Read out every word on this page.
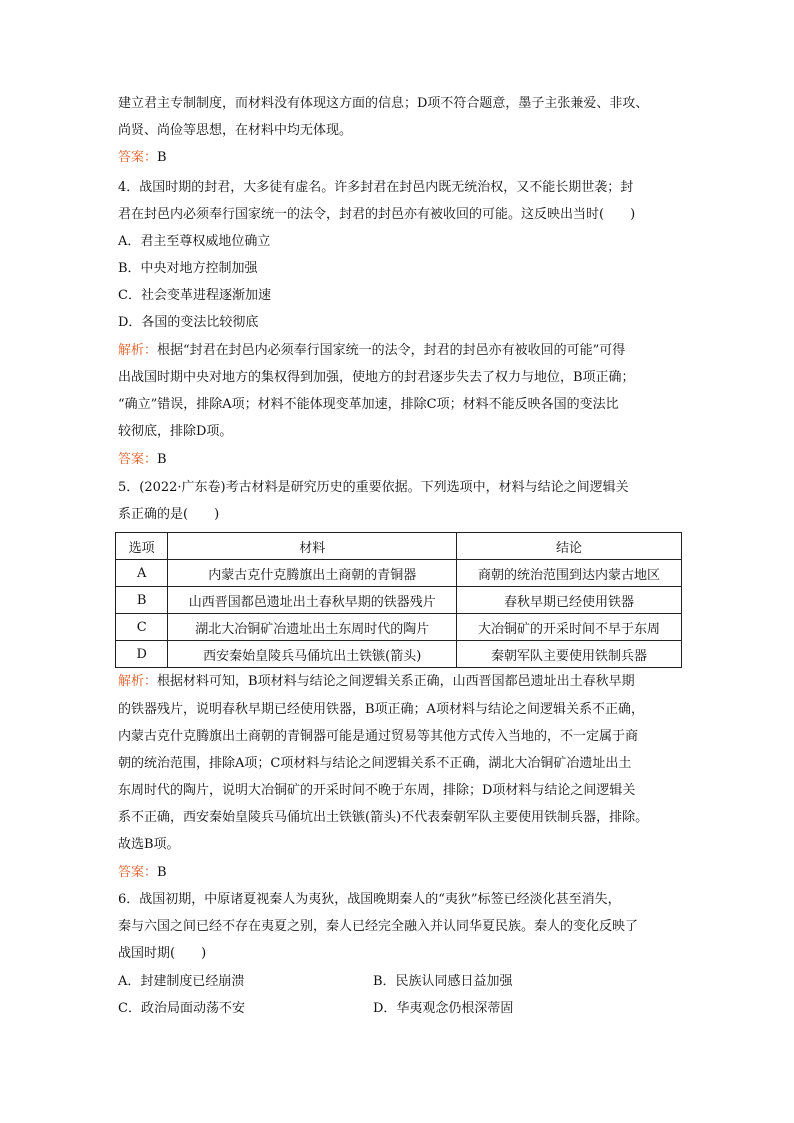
建立君主专制制度，而材料没有体现这方面的信息；D项不符合题意，墨子主张兼爱、非攻、
尚贤、尚俭等思想，在材料中均无体现。
答案：B
4．战国时期的封君，大多徒有虚名。许多封君在封邑内既无统治权，又不能长期世袭；封
君在封邑内必须奉行国家统一的法令，封君的封邑亦有被收回的可能。这反映出当时(　　)
A．君主至尊权威地位确立
B．中央对地方控制加强
C．社会变革进程逐渐加速
D．各国的变法比较彻底
解析：根据“封君在封邑内必须奉行国家统一的法令，封君的封邑亦有被收回的可能”可得
出战国时期中央对地方的集权得到加强，使地方的封君逐步失去了权力与地位，B项正确；
“确立”错误，排除A项；材料不能体现变革加速，排除C项；材料不能反映各国的变法比
较彻底，排除D项。
答案：B
5．(2022·广东卷)考古材料是研究历史的重要依据。下列选项中，材料与结论之间逻辑关
系正确的是(　　)
选项	材料	结论
A	内蒙古克什克腾旗出土商朝的青铜器	商朝的统治范围到达内蒙古地区
B	山西晋国都邑遗址出土春秋早期的铁器残片	春秋早期已经使用铁器
C	湖北大冶铜矿冶遗址出土东周时代的陶片	大冶铜矿的开采时间不早于东周
D	西安秦始皇陵兵马俑坑出土铁镞(箭头)	秦朝军队主要使用铁制兵器
解析：根据材料可知，B项材料与结论之间逻辑关系正确，山西晋国都邑遗址出土春秋早期
的铁器残片，说明春秋早期已经使用铁器，B项正确；A项材料与结论之间逻辑关系不正确，
内蒙古克什克腾旗出土商朝的青铜器可能是通过贸易等其他方式传入当地的，不一定属于商
朝的统治范围，排除A项；C项材料与结论之间逻辑关系不正确，湖北大冶铜矿冶遗址出土
东周时代的陶片，说明大冶铜矿的开采时间不晚于东周，排除；D项材料与结论之间逻辑关
系不正确，西安秦始皇陵兵马俑坑出土铁镞(箭头)不代表秦朝军队主要使用铁制兵器，排除。
故选B项。
答案：B
6．战国初期，中原诸夏视秦人为夷狄，战国晚期秦人的“夷狄”标签已经淡化甚至消失，
秦与六国之间已经不存在夷夏之别，秦人已经完全融入并认同华夏民族。秦人的变化反映了
战国时期(　　)
A．封建制度已经崩溃	B．民族认同感日益加强
C．政治局面动荡不安	D．华夷观念仍根深蒂固
